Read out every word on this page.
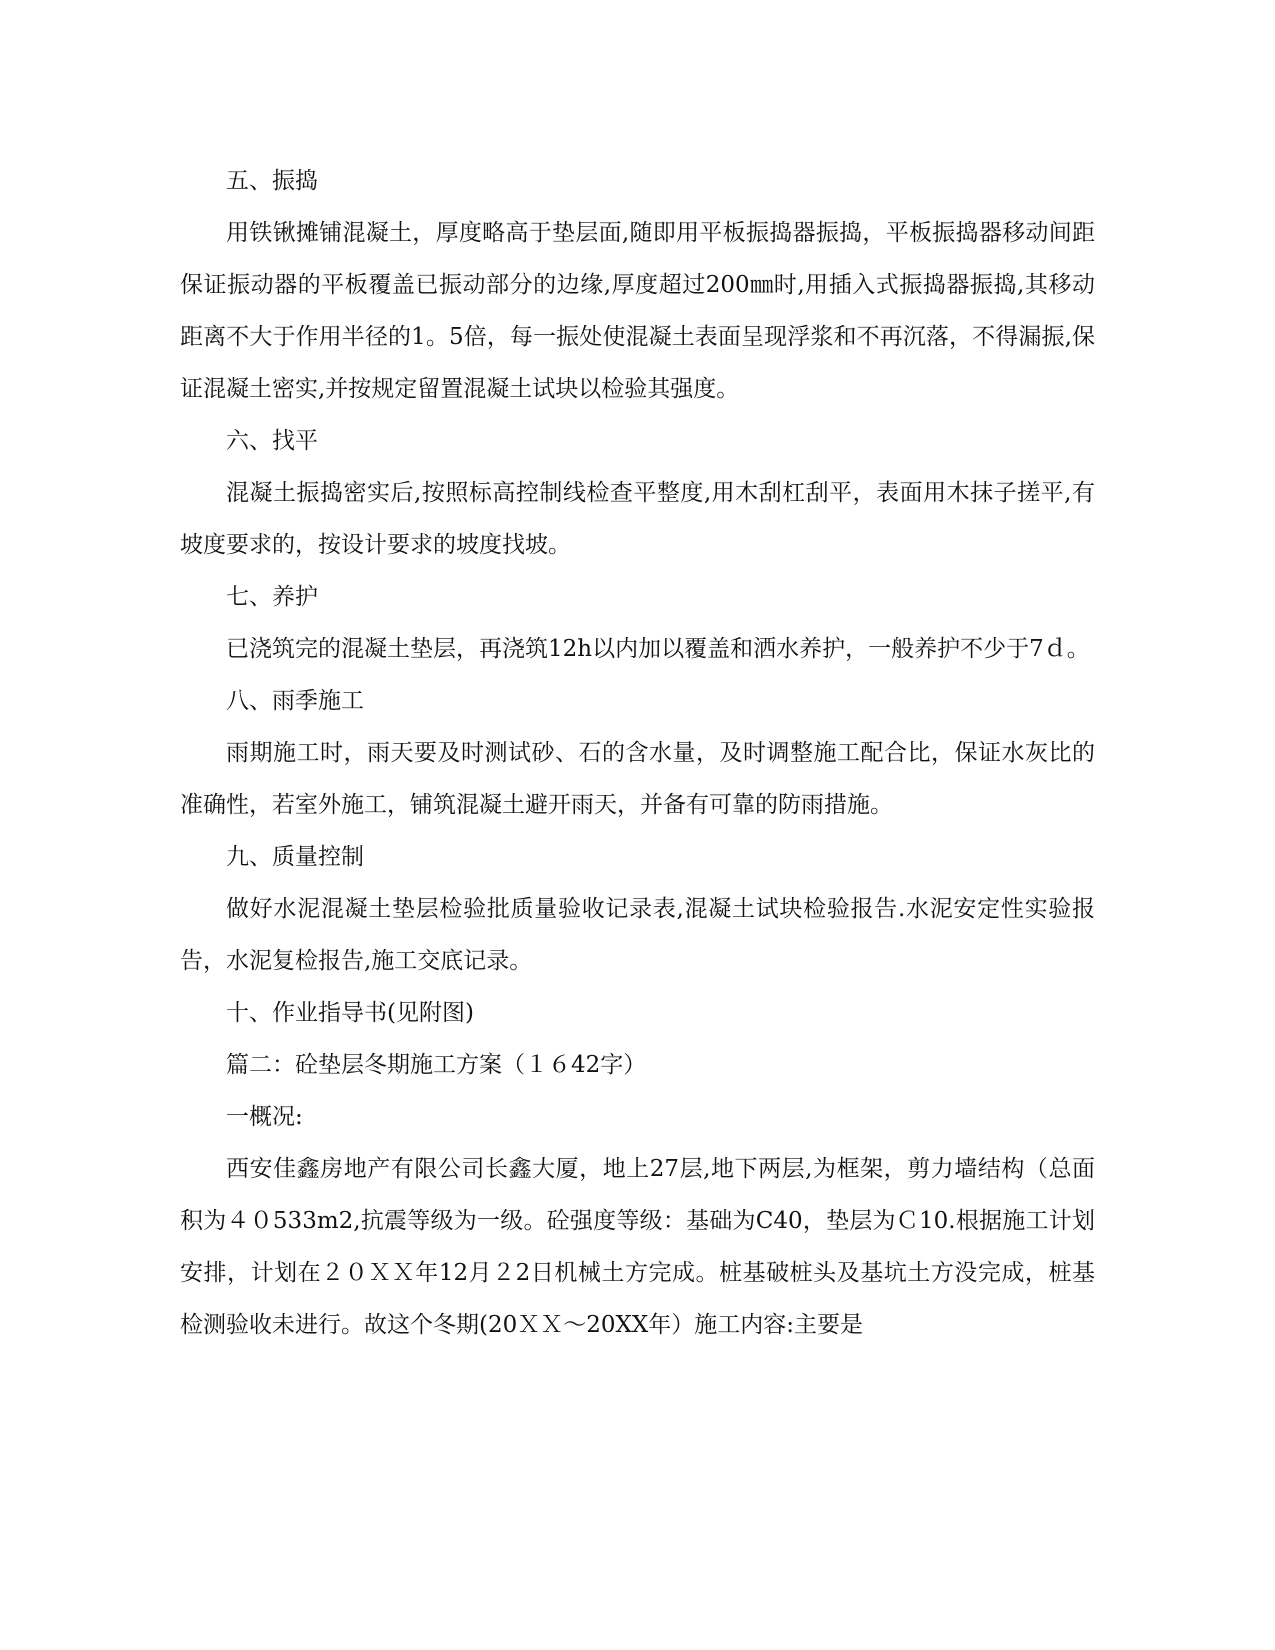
五、振捣

用铁锹摊铺混凝土，厚度略高于垫层面,随即用平板振捣器振捣，平板振捣器移动间距保证振动器的平板覆盖已振动部分的边缘,厚度超过200㎜时,用插入式振捣器振捣,其移动距离不大于作用半径的1。5倍，每一振处使混凝土表面呈现浮浆和不再沉落，不得漏振,保证混凝土密实,并按规定留置混凝土试块以检验其强度。

六、找平

混凝土振捣密实后,按照标高控制线检查平整度,用木刮杠刮平，表面用木抹子搓平,有坡度要求的，按设计要求的坡度找坡。

七、养护

已浇筑完的混凝土垫层，再浇筑12h以内加以覆盖和洒水养护，一般养护不少于7ｄ。

八、雨季施工

雨期施工时，雨天要及时测试砂、石的含水量，及时调整施工配合比，保证水灰比的准确性，若室外施工，铺筑混凝土避开雨天，并备有可靠的防雨措施。

九、质量控制

做好水泥混凝土垫层检验批质量验收记录表,混凝土试块检验报告.水泥安定性实验报告，水泥复检报告,施工交底记录。

十、作业指导书(见附图)

篇二：砼垫层冬期施工方案（１６42字）

一概况:

西安佳鑫房地产有限公司长鑫大厦，地上27层,地下两层,为框架，剪力墙结构（总面积为４０533m2,抗震等级为一级。砼强度等级：基础为C40，垫层为Ｃ10.根据施工计划安排，计划在２０ＸＸ年12月２2日机械土方完成。桩基破桩头及基坑土方没完成，桩基检测验收未进行。故这个冬期(20ＸＸ～20XX年）施工内容:主要是
